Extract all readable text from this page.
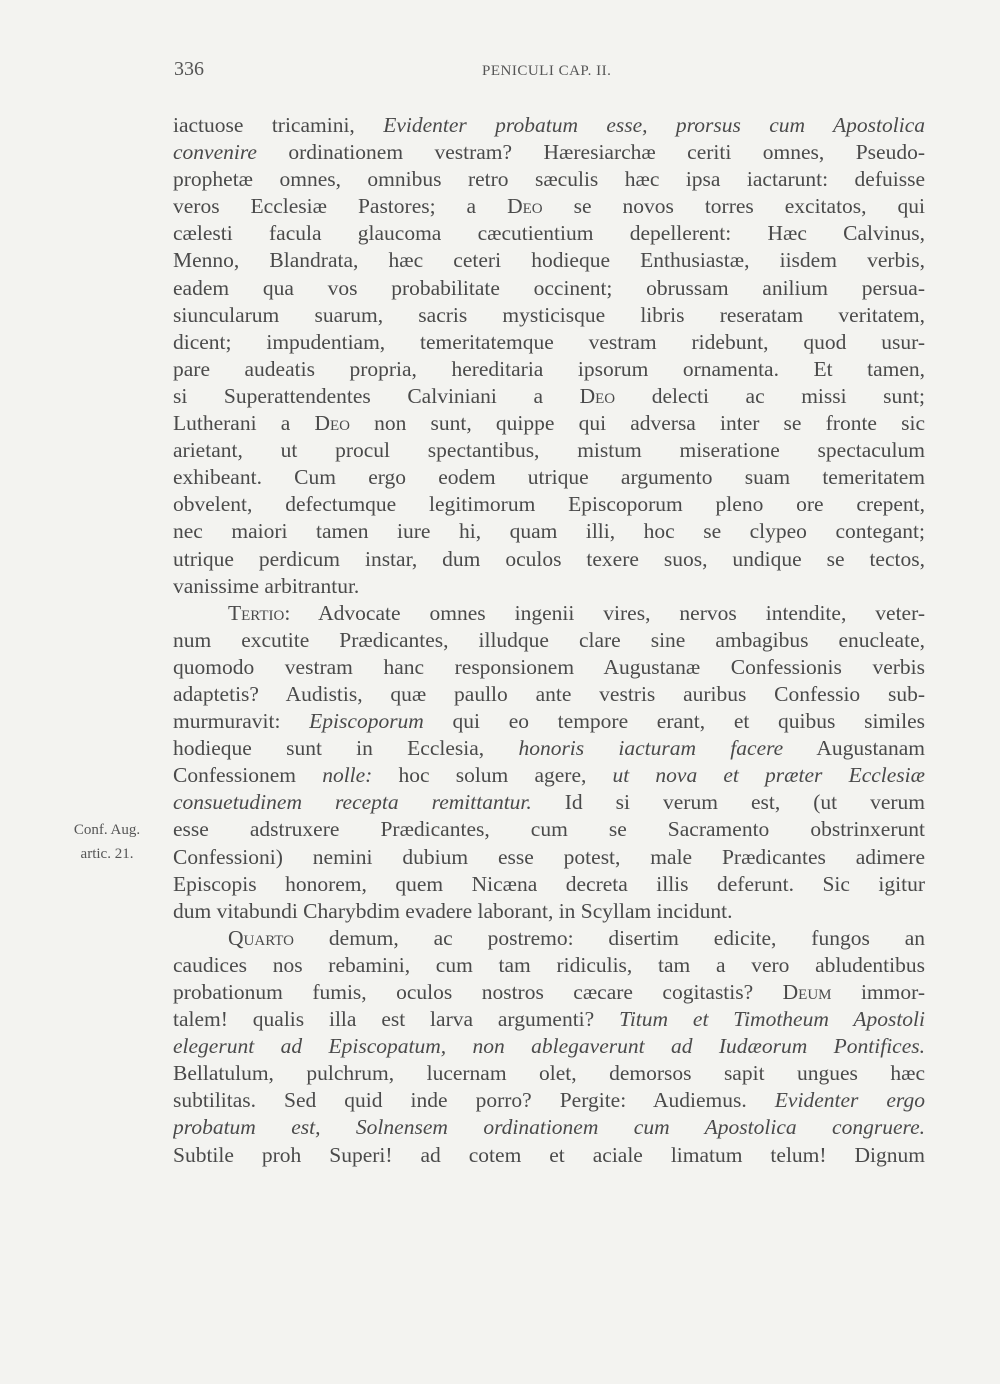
336	PENICULI CAP. II.
Conf. Aug.
artic. 21.
iactuose tricamini, Evidenter probatum esse, prorsus cum Apostolica
convenire ordinationem vestram? Hæresiarchæ ceriti omnes, Pseudo-
prophetæ omnes, omnibus retro sæculis hæc ipsa iactarunt: defuisse
veros Ecclesiæ Pastores; a Deo se novos torres excitatos, qui
cælesti facula glaucoma cæcutientium depellerent: Hæc Calvinus,
Menno, Blandrata, hæc ceteri hodieque Enthusiastæ, iisdem verbis,
eadem qua vos probabilitate occinent; obrussam anilium persua-
siuncularum suarum, sacris mysticisque libris reseratam veritatem,
dicent; impudentiam, temeritatemque vestram ridebunt, quod usur-
pare audeatis propria, hereditaria ipsorum ornamenta. Et tamen,
si Superattendentes Calviniani a Deo delecti ac missi sunt;
Lutherani a Deo non sunt, quippe qui adversa inter se fronte sic
arietant, ut procul spectantibus, mistum miseratione spectaculum
exhibeant. Cum ergo eodem utrique argumento suam temeritatem
obvelent, defectumque legitimorum Episcoporum pleno ore crepent,
nec maiori tamen iure hi, quam illi, hoc se clypeo contegant;
utrique perdicum instar, dum oculos texere suos, undique se tectos,
vanissime arbitrantur.
Tertio: Advocate omnes ingenii vires, nervos intendite, veter-
num excutite Prædicantes, illudque clare sine ambagibus enucleate,
quomodo vestram hanc responsionem Augustanæ Confessionis verbis
adaptetis? Audistis, quæ paullo ante vestris auribus Confessio sub-
murmuravit: Episcoporum qui eo tempore erant, et quibus similes
hodieque sunt in Ecclesia, honoris iacturam facere Augustanam
Confessionem nolle: hoc solum agere, ut nova et præter Ecclesiæ
consuetudinem recepta remittantur. Id si verum est, (ut verum
esse adstruxere Prædicantes, cum se Sacramento obstrinxerunt
Confessioni) nemini dubium esse potest, male Prædicantes adimere
Episcopis honorem, quem Nicæna decreta illis deferunt. Sic igitur
dum vitabundi Charybdim evadere laborant, in Scyllam incidunt.
Quarto demum, ac postremo: disertim edicite, fungos an
caudices nos rebamini, cum tam ridiculis, tam a vero abludentibus
probationum fumis, oculos nostros cæcare cogitastis? Deum immor-
talem! qualis illa est larva argumenti? Titum et Timotheum Apostoli
elegerunt ad Episcopatum, non ablegaverunt ad Iudæorum Pontifices.
Bellatulum, pulchrum, lucernam olet, demorsos sapit ungues hæc
subtilitas. Sed quid inde porro? Pergite: Audiemus. Evidenter ergo
probatum est, Solnensem ordinationem cum Apostolica congruere.
Subtile proh Superi! ad cotem et aciale limatum telum! Dignum
